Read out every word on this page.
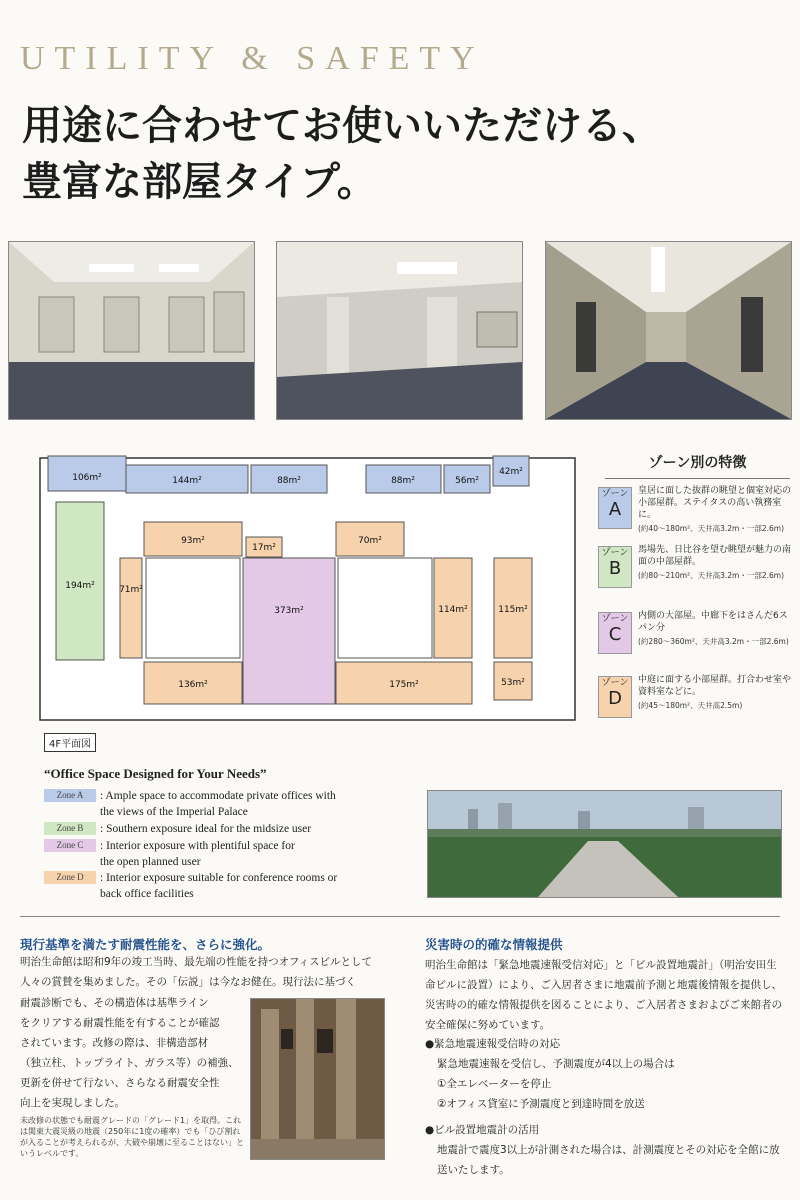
UTILITY & SAFETY
用途に合わせてお使いいただける、
豊富な部屋タイプ。
106m²	144m²	88m²	88m²	56m²
42m²
194m²
93m²
17m²
70m²
71m²
373m²	114m²	115m²
136m²	175m²	53m²
4F平面図
ゾーン別の特徴
ゾーン
A
皇居に面した抜群の眺望と個室対応の小部屋群。ステイタスの高い執務室に。
(約40〜180m²、天井高3.2m・一部2.6m)
ゾーン
B
馬場先、日比谷を望む眺望が魅力の南面の中部屋群。
(約80〜210m²、天井高3.2m・一部2.6m)
ゾーン
C
内側の大部屋。中廊下をはさんだ6スパン分
(約280〜360m²、天井高3.2m・一部2.6m)
ゾーン
D
中庭に面する小部屋群。打合わせ室や資料室などに。
(約45〜180m²、天井高2.5m)
“Office Space Designed for Your Needs”
Zone A	: Ample space to accommodate private offices with
the views of the Imperial Palace
Zone B	: Southern exposure ideal for the midsize user
Zone C	: Interior exposure with plentiful space for
the open planned user
Zone D	: Interior exposure suitable for conference rooms or
back office facilities
現行基準を満たす耐震性能を、さらに強化。
明治生命館は昭和9年の竣工当時、最先端の性能を持つオフィスビルとして人々の賞賛を集めました。その「伝説」は今なお健在。現行法に基づく
耐震診断でも、その構造体は基準ライン
をクリアする耐震性能を有することが確認
されています。改修の際は、非構造部材
（独立柱、トップライト、ガラス等）の補強、
更新を併せて行ない、さらなる耐震安全性
向上を実現しました。
未改修の状態でも耐震グレードの「グレード1」を取得。これは関東大震災級の地震（250年に1度の確率）でも「ひび割れが入ることが考えられるが、大破や崩壊に至ることはない」というレベルです。
災害時の的確な情報提供
明治生命館は「緊急地震速報受信対応」と「ビル設置地震計」（明治安田生命ビルに設置）により、ご入居者さまに地震前予測と地震後情報を提供し、災害時の的確な情報提供を図ることにより、ご入居者さまおよびご来館者の安全確保に努めています。
●緊急地震速報受信時の対応
緊急地震速報を受信し、予測震度が4以上の場合は
①全エレベーターを停止
②オフィス貸室に予測震度と到達時間を放送
●ビル設置地震計の活用
地震計で震度3以上が計測された場合は、計測震度とその対応を全館に放送いたします。
